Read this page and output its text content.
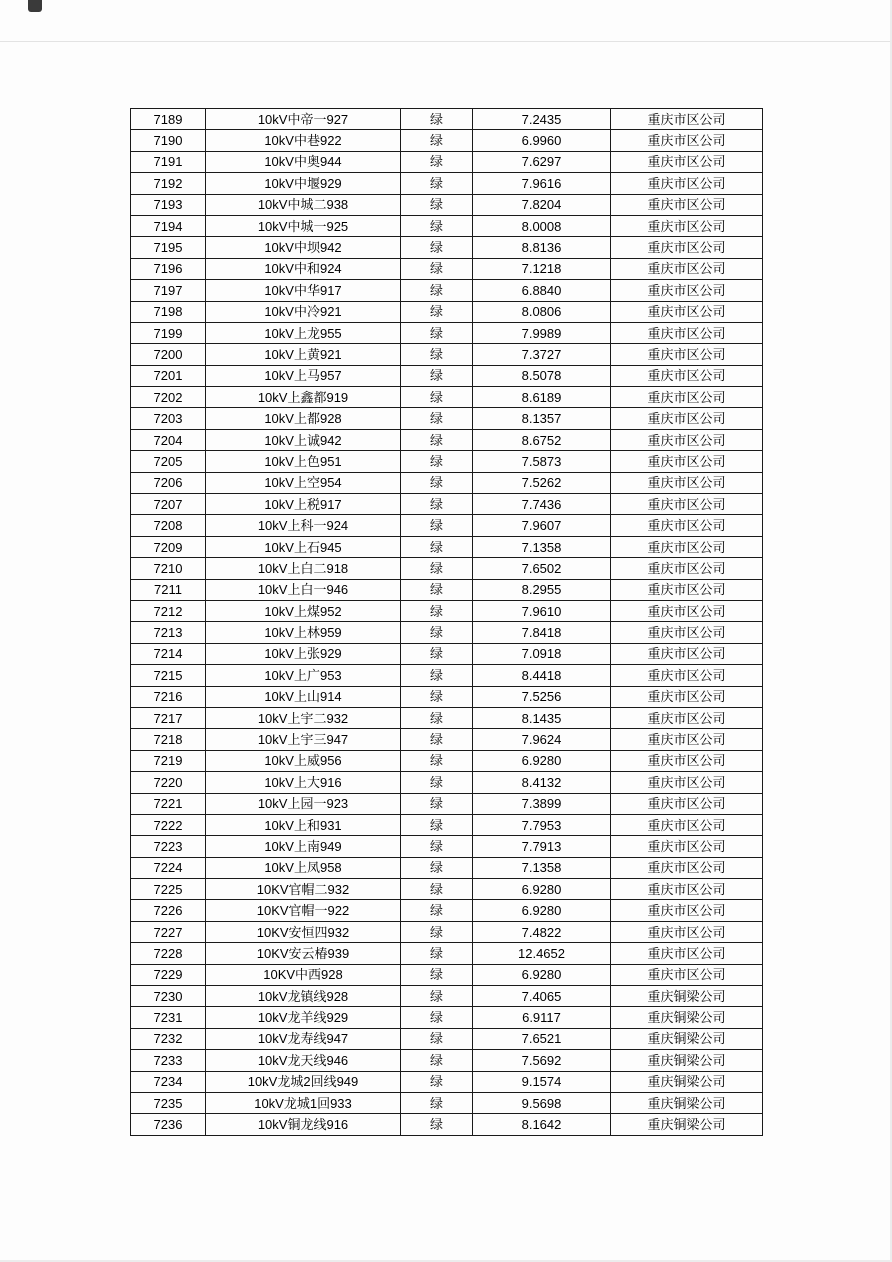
7189	10kV中帝一927	绿	7.2435	重庆市区公司
7190	10kV中巷922	绿	6.9960	重庆市区公司
7191	10kV中奥944	绿	7.6297	重庆市区公司
7192	10kV中堰929	绿	7.9616	重庆市区公司
7193	10kV中城二938	绿	7.8204	重庆市区公司
7194	10kV中城一925	绿	8.0008	重庆市区公司
7195	10kV中坝942	绿	8.8136	重庆市区公司
7196	10kV中和924	绿	7.1218	重庆市区公司
7197	10kV中华917	绿	6.8840	重庆市区公司
7198	10kV中冷921	绿	8.0806	重庆市区公司
7199	10kV上龙955	绿	7.9989	重庆市区公司
7200	10kV上黄921	绿	7.3727	重庆市区公司
7201	10kV上马957	绿	8.5078	重庆市区公司
7202	10kV上鑫都919	绿	8.6189	重庆市区公司
7203	10kV上都928	绿	8.1357	重庆市区公司
7204	10kV上诚942	绿	8.6752	重庆市区公司
7205	10kV上色951	绿	7.5873	重庆市区公司
7206	10kV上空954	绿	7.5262	重庆市区公司
7207	10kV上税917	绿	7.7436	重庆市区公司
7208	10kV上科一924	绿	7.9607	重庆市区公司
7209	10kV上石945	绿	7.1358	重庆市区公司
7210	10kV上白二918	绿	7.6502	重庆市区公司
7211	10kV上白一946	绿	8.2955	重庆市区公司
7212	10kV上煤952	绿	7.9610	重庆市区公司
7213	10kV上林959	绿	7.8418	重庆市区公司
7214	10kV上张929	绿	7.0918	重庆市区公司
7215	10kV上广953	绿	8.4418	重庆市区公司
7216	10kV上山914	绿	7.5256	重庆市区公司
7217	10kV上宇二932	绿	8.1435	重庆市区公司
7218	10kV上宇三947	绿	7.9624	重庆市区公司
7219	10kV上威956	绿	6.9280	重庆市区公司
7220	10kV上大916	绿	8.4132	重庆市区公司
7221	10kV上园一923	绿	7.3899	重庆市区公司
7222	10kV上和931	绿	7.7953	重庆市区公司
7223	10kV上南949	绿	7.7913	重庆市区公司
7224	10kV上凤958	绿	7.1358	重庆市区公司
7225	10KV官帽二932	绿	6.9280	重庆市区公司
7226	10KV官帽一922	绿	6.9280	重庆市区公司
7227	10KV安恒四932	绿	7.4822	重庆市区公司
7228	10KV安云椿939	绿	12.4652	重庆市区公司
7229	10KV中西928	绿	6.9280	重庆市区公司
7230	10kV龙镇线928	绿	7.4065	重庆铜梁公司
7231	10kV龙羊线929	绿	6.9117	重庆铜梁公司
7232	10kV龙寿线947	绿	7.6521	重庆铜梁公司
7233	10kV龙天线946	绿	7.5692	重庆铜梁公司
7234	10kV龙城2回线949	绿	9.1574	重庆铜梁公司
7235	10kV龙城1回933	绿	9.5698	重庆铜梁公司
7236	10kV铜龙线916	绿	8.1642	重庆铜梁公司
